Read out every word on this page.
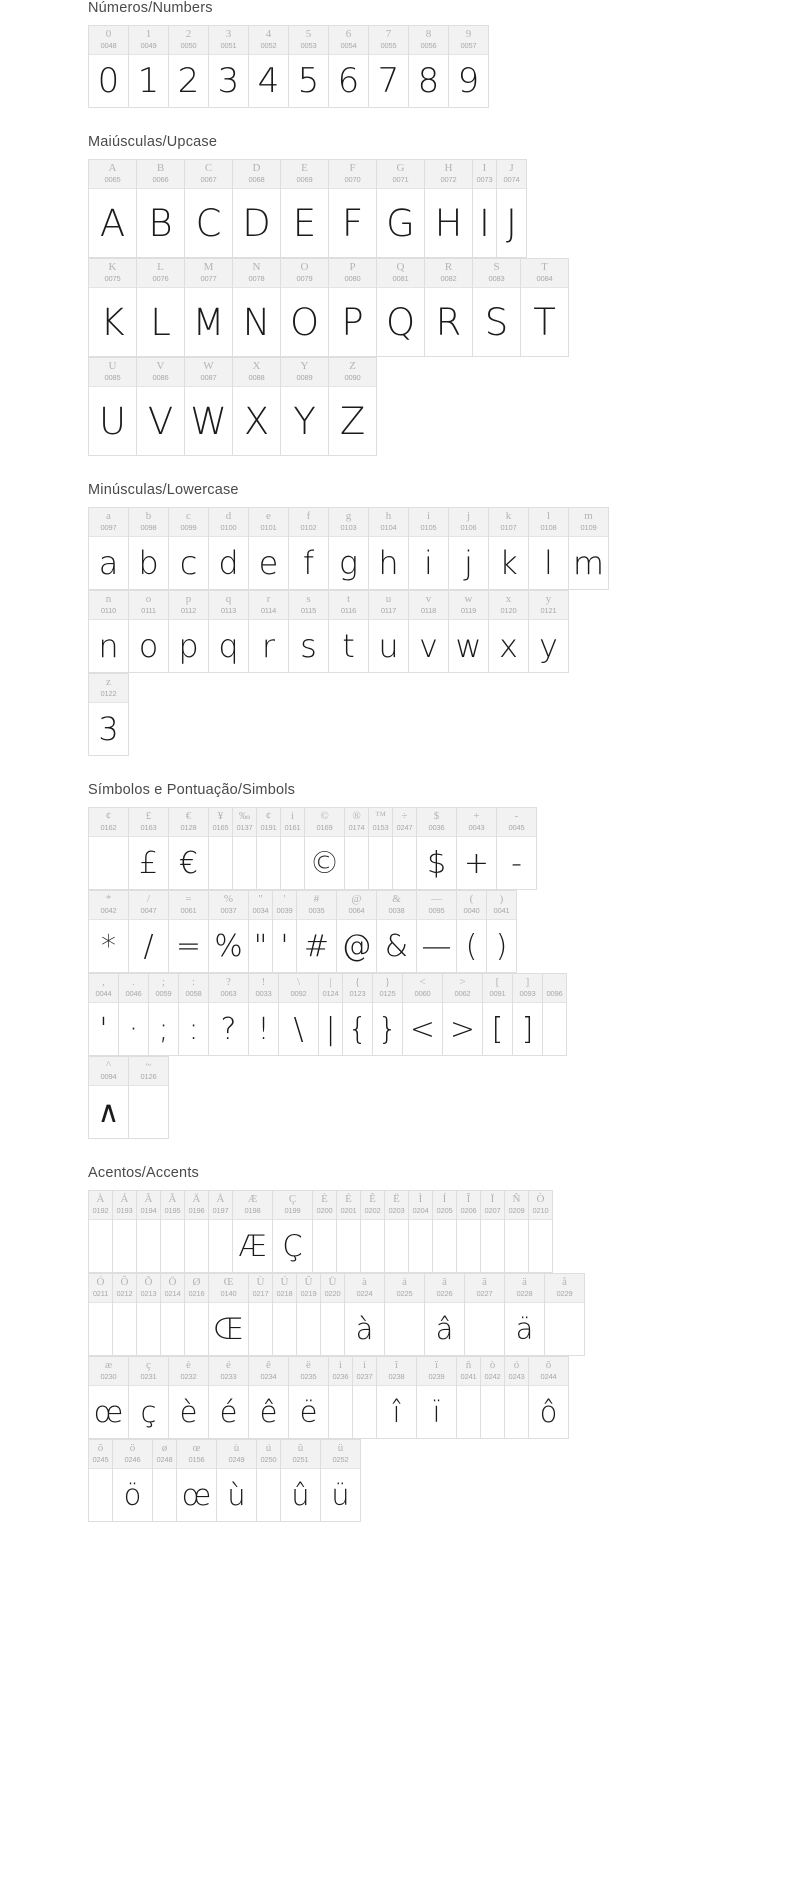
Números/Numbers
0
0048
0
1
0049
1
2
0050
2
3
0051
3
4
0052
4
5
0053
5
6
0054
6
7
0055
7
8
0056
8
9
0057
9
Maiúsculas/Upcase
A
0065
A
B
0066
B
C
0067
C
D
0068
D
E
0069
E
F
0070
F
G
0071
G
H
0072
H
I
0073
I
J
0074
J
K
0075
K
L
0076
L
M
0077
M
N
0078
N
O
0079
O
P
0080
P
Q
0081
Q
R
0082
R
S
0083
S
T
0084
T
U
0085
U
V
0086
V
W
0087
W
X
0088
X
Y
0089
Y
Z
0090
Z
Minúsculas/Lowercase
a
0097
a
b
0098
b
c
0099
c
d
0100
d
e
0101
e
f
0102
f
g
0103
g
h
0104
h
i
0105
i
j
0106
j
k
0107
k
l
0108
l
m
0109
m
n
0110
n
o
0111
o
p
0112
p
q
0113
q
r
0114
r
s
0115
s
t
0116
t
u
0117
u
v
0118
v
w
0119
w
x
0120
x
y
0121
y
z
0122
3
Símbolos e Pontuação/Simbols
¢
0162
£
0163
£
€
0128
€
¥
0165
‰
0137
¢
0191
i
0161
©
0169
©
®
0174
™
0153
÷
0247
$
0036
$
+
0043
+
-
0045
-
*
0042
*
/
0047
/
=
0061
=
%
0037
%
"
0034
"
'
0039
'
#
0035
#
@
0064
@
&
0038
&
—
0095
—
(
0040
(
)
0041
)
,
0044
'
.
0046
·
;
0059
;
:
0058
:
?
0063
?
!
0033
!
\
0092
\
|
0124
|
{
0123
{
}
0125
}
<
0060
<
>
0062
>
[
0091
[
]
0093
]
0096
^
0094
∧
~
0126
Acentos/Accents
À
0192
Á
0193
Â
0194
Ã
0195
Ä
0196
Å
0197
Æ
0198
Æ
Ç
0199
Ç
È
0200
É
0201
Ê
0202
Ë
0203
Ì
0204
Í
0205
Î
0206
Ï
0207
Ñ
0209
Ò
0210
Ó
0211
Ô
0212
Õ
0213
Ö
0214
Ø
0216
Œ
0140
Œ
Ù
0217
Ú
0218
Û
0219
Ü
0220
à
0224
à
á
0225
â
0226
â
ã
0227
ä
0228
ä
å
0229
æ
0230
œ
ç
0231
ç
è
0232
è
é
0233
é
ê
0234
ê
ë
0235
ë
ì
0236
í
0237
î
0238
î
ï
0239
ï
ñ
0241
ò
0242
ó
0243
ô
0244
ô
õ
0245
ö
0246
ö
ø
0248
œ
0156
œ
ù
0249
ù
ú
0250
û
0251
û
ü
0252
ü
